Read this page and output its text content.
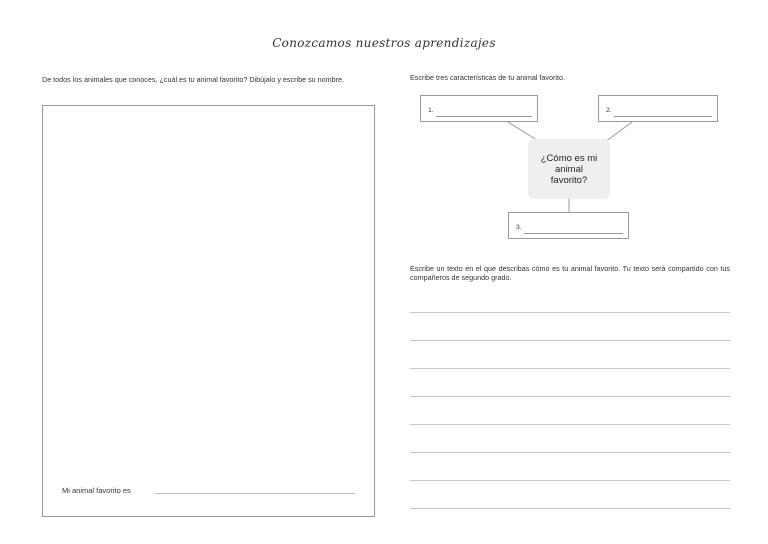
Conozcamos nuestros aprendizajes
De todos los animales que conoces, ¿cuál es tu animal favorito? Dibújalo y escribe su nombre.
Mi animal favorito es
Escribe tres características de tu animal favorito.
1.	2.
¿Cómo es mi animal favorito?
3.
Escribe un texto en el que describas cómo es tu animal favorito. Tu texto será compartido con tus compañeros de segundo grado.
